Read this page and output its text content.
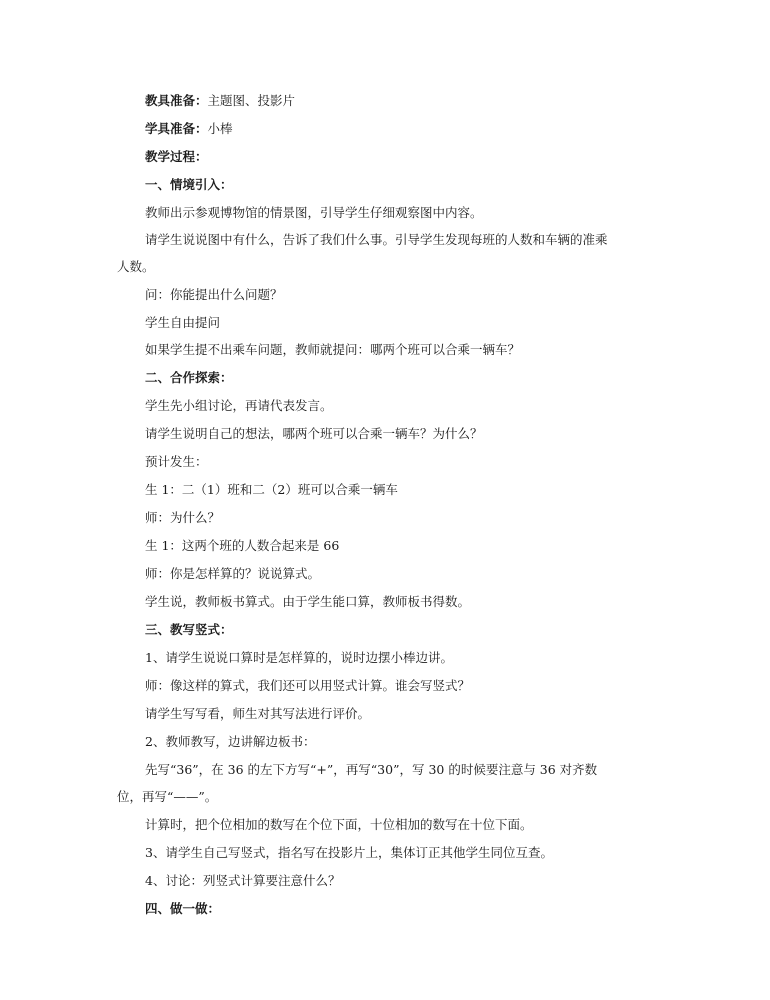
教具准备：主题图、投影片
学具准备：小棒
教学过程：
一、情境引入：
教师出示参观博物馆的情景图，引导学生仔细观察图中内容。
请学生说说图中有什么，告诉了我们什么事。引导学生发现每班的人数和车辆的准乘
人数。
问：你能提出什么问题？
学生自由提问
如果学生提不出乘车问题，教师就提问：哪两个班可以合乘一辆车？
二、合作探索：
学生先小组讨论，再请代表发言。
请学生说明自己的想法，哪两个班可以合乘一辆车？为什么？
预计发生：
生 1：二（1）班和二（2）班可以合乘一辆车
师：为什么？
生 1：这两个班的人数合起来是 66
师：你是怎样算的？说说算式。
学生说，教师板书算式。由于学生能口算，教师板书得数。
三、教写竖式：
1、请学生说说口算时是怎样算的，说时边摆小棒边讲。
师：像这样的算式，我们还可以用竖式计算。谁会写竖式？
请学生写写看，师生对其写法进行评价。
2、教师教写，边讲解边板书：
先写“36”，在 36 的左下方写“+”，再写“30”，写 30 的时候要注意与 36 对齐数
位，再写“——”。
计算时，把个位相加的数写在个位下面，十位相加的数写在十位下面。
3、请学生自己写竖式，指名写在投影片上，集体订正其他学生同位互查。
4、讨论：列竖式计算要注意什么？
四、做一做：
